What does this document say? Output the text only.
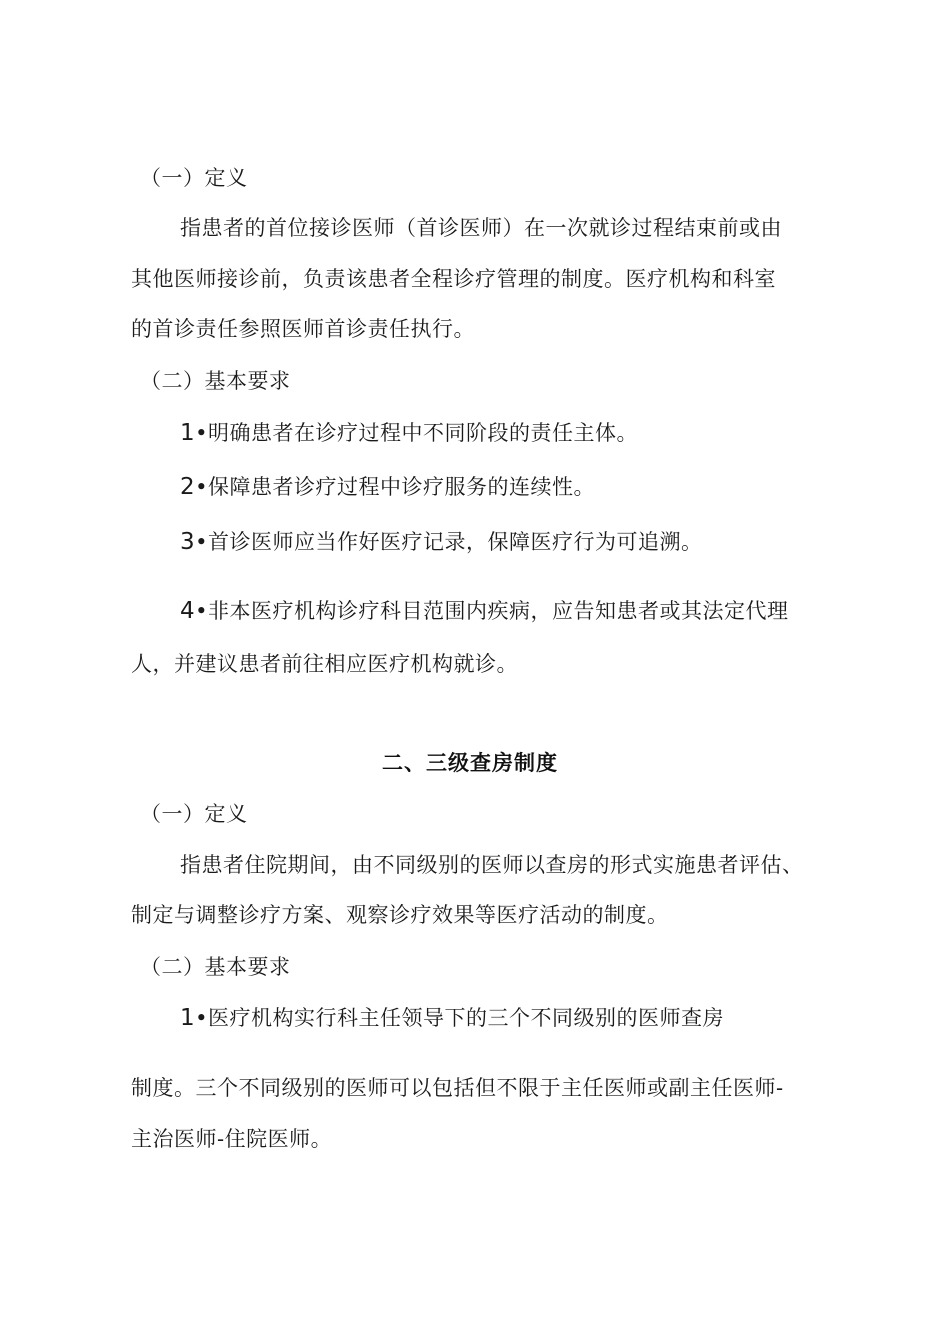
（一）定义
指患者的首位接诊医师（首诊医师）在一次就诊过程结束前或由
其他医师接诊前，负责该患者全程诊疗管理的制度。医疗机构和科室
的首诊责任参照医师首诊责任执行。
（二）基本要求
1•明确患者在诊疗过程中不同阶段的责任主体。
2•保障患者诊疗过程中诊疗服务的连续性。
3•首诊医师应当作好医疗记录，保障医疗行为可追溯。
4•非本医疗机构诊疗科目范围内疾病，应告知患者或其法定代理
人，并建议患者前往相应医疗机构就诊。
二、三级查房制度
（一）定义
指患者住院期间，由不同级别的医师以查房的形式实施患者评估、
制定与调整诊疗方案、观察诊疗效果等医疗活动的制度。
（二）基本要求
1•医疗机构实行科主任领导下的三个不同级别的医师查房
制度。三个不同级别的医师可以包括但不限于主任医师或副主任医师-
主治医师-住院医师。
